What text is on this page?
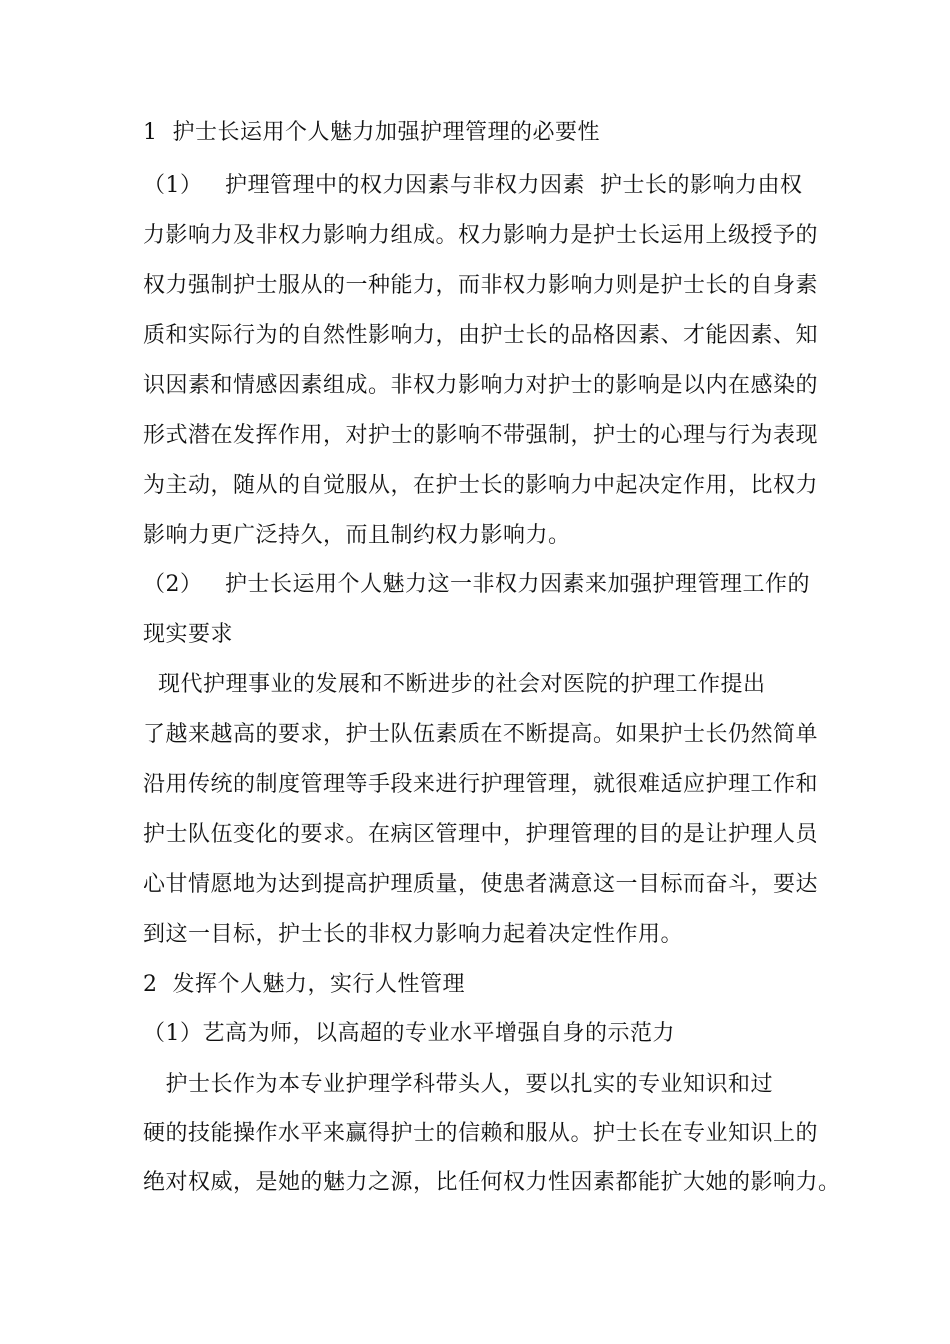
1  护士长运用个人魅力加强护理管理的必要性
（1）   护理管理中的权力因素与非权力因素  护士长的影响力由权
力影响力及非权力影响力组成。权力影响力是护士长运用上级授予的
权力强制护士服从的一种能力，而非权力影响力则是护士长的自身素
质和实际行为的自然性影响力，由护士长的品格因素、才能因素、知
识因素和情感因素组成。非权力影响力对护士的影响是以内在感染的
形式潜在发挥作用，对护士的影响不带强制，护士的心理与行为表现
为主动，随从的自觉服从，在护士长的影响力中起决定作用，比权力
影响力更广泛持久，而且制约权力影响力。
（2）   护士长运用个人魅力这一非权力因素来加强护理管理工作的
现实要求
现代护理事业的发展和不断进步的社会对医院的护理工作提出
了越来越高的要求，护士队伍素质在不断提高。如果护士长仍然简单
沿用传统的制度管理等手段来进行护理管理，就很难适应护理工作和
护士队伍变化的要求。在病区管理中，护理管理的目的是让护理人员
心甘情愿地为达到提高护理质量，使患者满意这一目标而奋斗，要达
到这一目标，护士长的非权力影响力起着决定性作用。
2  发挥个人魅力，实行人性管理
（1）艺高为师，以高超的专业水平增强自身的示范力
护士长作为本专业护理学科带头人，要以扎实的专业知识和过
硬的技能操作水平来赢得护士的信赖和服从。护士长在专业知识上的
绝对权威，是她的魅力之源，比任何权力性因素都能扩大她的影响力。
